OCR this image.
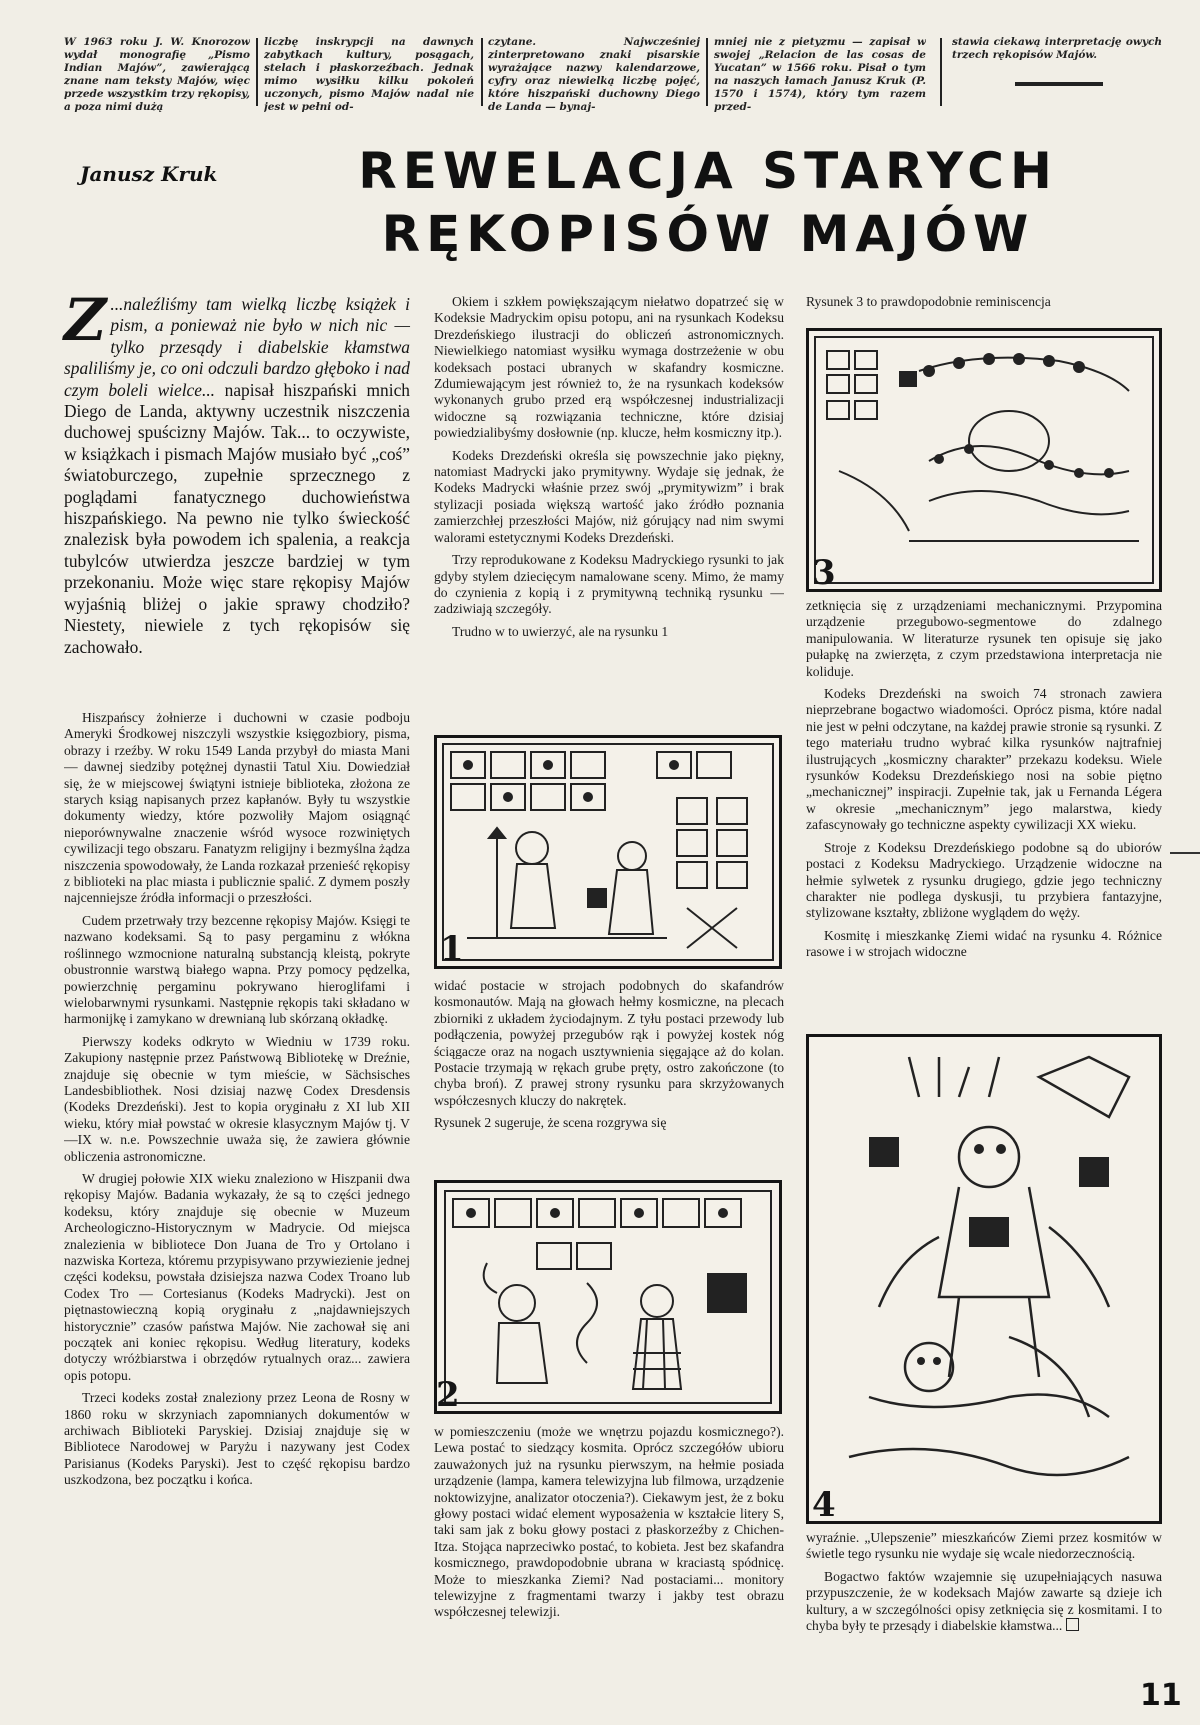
W 1963 roku J. W. Knorozow wydał monografię „Pismo Indian Majów”, zawierającą znane nam teksty Majów, więc przede wszystkim trzy rękopisy, a poza nimi dużą
liczbę inskrypcji na dawnych zabytkach kultury, posągach, stelach i płaskorzeźbach. Jednak mimo wysiłku kilku pokoleń uczonych, pismo Majów nadal nie jest w pełni od-
czytane. Najwcześniej zinterpretowano znaki pisarskie wyrażające nazwy kalendarzowe, cyfry oraz niewielką liczbę pojęć, które hiszpański duchowny Diego de Landa — bynaj-
mniej nie z pietyzmu — zapisał w swojej „Relacion de las cosas de Yucatan” w 1566 roku. Pisał o tym na naszych łamach Janusz Kruk (P. 1570 i 1574), który tym razem przed-
stawia ciekawą interpretację owych trzech rękopisów Majów.
Janusz Kruk	REWELACJA STARYCH
RĘKOPISÓW MAJÓW
Z ...naleźliśmy tam wielką liczbę książek i pism, a ponieważ nie było w nich nic — tylko przesądy i diabelskie kłamstwa spaliliśmy je, co oni odczuli bardzo głęboko i nad czym boleli wielce... napisał hiszpański mnich Diego de Landa, aktywny uczestnik niszczenia duchowej spuścizny Majów. Tak... to oczywiste, w książkach i pismach Majów musiało być „coś” światoburczego, zupełnie sprzecznego z poglądami fanatycznego duchowieństwa hiszpańskiego. Na pewno nie tylko świeckość znalezisk była powodem ich spalenia, a reakcja tubylców utwierdza jeszcze bardziej w tym przekonaniu. Może więc stare rękopisy Majów wyjaśnią bliżej o jakie sprawy chodziło? Niestety, niewiele z tych rękopisów się zachowało.

Hiszpańscy żołnierze i duchowni w czasie podboju Ameryki Środkowej niszczyli wszystkie księgozbiory, pisma, obrazy i rzeźby. W roku 1549 Landa przybył do miasta Mani — dawnej siedziby potężnej dynastii Tatul Xiu. Dowiedział się, że w miejscowej świątyni istnieje biblioteka, złożona ze starych ksiąg napisanych przez kapłanów. Były tu wszystkie dokumenty wiedzy, które pozwoliły Majom osiągnąć nieporównywalne znaczenie wśród wysoce rozwiniętych cywilizacji tego obszaru. Fanatyzm religijny i bezmyślna żądza niszczenia spowodowały, że Landa rozkazał przenieść rękopisy z biblioteki na plac miasta i publicznie spalić. Z dymem poszły najcenniejsze źródła informacji o przeszłości.

Cudem przetrwały trzy bezcenne rękopisy Majów. Księgi te nazwano kodeksami. Są to pasy pergaminu z włókna roślinnego wzmocnione naturalną substancją kleistą, pokryte obustronnie warstwą białego wapna. Przy pomocy pędzelka, powierzchnię pergaminu pokrywano hieroglifami i wielobarwnymi rysunkami. Następnie rękopis taki składano w harmonijkę i zamykano w drewnianą lub skórzaną okładkę.

Pierwszy kodeks odkryto w Wiedniu w 1739 roku. Zakupiony następnie przez Państwową Bibliotekę w Dreźnie, znajduje się obecnie w tym mieście, w Sächsisches Landesbibliothek. Nosi dzisiaj nazwę Codex Dresdensis (Kodeks Drezdeński). Jest to kopia oryginału z XI lub XII wieku, który miał powstać w okresie klasycznym Majów tj. V—IX w. n.e. Powszechnie uważa się, że zawiera głównie obliczenia astronomiczne.

W drugiej połowie XIX wieku znaleziono w Hiszpanii dwa rękopisy Majów. Badania wykazały, że są to części jednego kodeksu, który znajduje się obecnie w Muzeum Archeologiczno-Historycznym w Madrycie. Od miejsca znalezienia w bibliotece Don Juana de Tro y Ortolano i nazwiska Korteza, któremu przypisywano przywiezienie jednej części kodeksu, powstała dzisiejsza nazwa Codex Troano lub Codex Tro — Cortesianus (Kodeks Madrycki). Jest on piętnastowieczną kopią oryginału z „najdawniejszych historycznie” czasów państwa Majów. Nie zachował się ani początek ani koniec rękopisu. Według literatury, kodeks dotyczy wróżbiarstwa i obrzędów rytualnych oraz... zawiera opis potopu.

Trzeci kodeks został znaleziony przez Leona de Rosny w 1860 roku w skrzyniach zapomnianych dokumentów w archiwach Biblioteki Paryskiej. Dzisiaj znajduje się w Bibliotece Narodowej w Paryżu i nazywany jest Codex Parisianus (Kodeks Paryski). Jest to część rękopisu bardzo uszkodzona, bez początku i końca.

Okiem i szkłem powiększającym niełatwo dopatrzeć się w Kodeksie Madryckim opisu potopu, ani na rysunkach Kodeksu Drezdeńskiego ilustracji do obliczeń astronomicznych. Niewielkiego natomiast wysiłku wymaga dostrzeżenie w obu kodeksach postaci ubranych w skafandry kosmiczne. Zdumiewającym jest również to, że na rysunkach kodeksów wykonanych grubo przed erą współczesnej industrializacji widoczne są rozwiązania techniczne, które dzisiaj powiedzialibyśmy dosłownie (np. klucze, hełm kosmiczny itp.).

Kodeks Drezdeński określa się powszechnie jako piękny, natomiast Madrycki jako prymitywny. Wydaje się jednak, że Kodeks Madrycki właśnie przez swój „prymitywizm” i brak stylizacji posiada większą wartość jako źródło poznania zamierzchłej przeszłości Majów, niż górujący nad nim swymi walorami estetycznymi Kodeks Drezdeński.

Trzy reprodukowane z Kodeksu Madryckiego rysunki to jak gdyby stylem dziecięcym namalowane sceny. Mimo, że mamy do czynienia z kopią i z prymitywną techniką rysunku — zadziwiają szczegóły.

Trudno w to uwierzyć, ale na rysunku 1

1

widać postacie w strojach podobnych do skafandrów kosmonautów. Mają na głowach hełmy kosmiczne, na plecach zbiorniki z układem życiodajnym. Z tyłu postaci przewody lub podłączenia, powyżej przegubów rąk i powyżej kostek nóg ściągacze oraz na nogach usztywnienia sięgające aż do kolan. Postacie trzymają w rękach grube pręty, ostro zakończone (to chyba broń). Z prawej strony rysunku para skrzyżowanych współczesnych kluczy do nakrętek.

Rysunek 2 sugeruje, że scena rozgrywa się

2

w pomieszczeniu (może we wnętrzu pojazdu kosmicznego?). Lewa postać to siedzący kosmita. Oprócz szczegółów ubioru zauważonych już na rysunku pierwszym, na hełmie posiada urządzenie (lampa, kamera telewizyjna lub filmowa, urządzenie noktowizyjne, analizator otoczenia?). Ciekawym jest, że z boku głowy postaci widać element wyposażenia w kształcie litery S, taki sam jak z boku głowy postaci z płaskorzeźby z Chichen-Itza. Stojąca naprzeciwko postać, to kobieta. Jest bez skafandra kosmicznego, prawdopodobnie ubrana w kraciastą spódnicę. Może to mieszkanka Ziemi? Nad postaciami... monitory telewizyjne z fragmentami twarzy i jakby test obrazu współczesnej telewizji.

Rysunek 3 to prawdopodobnie reminiscencja

3

zetknięcia się z urządzeniami mechanicznymi. Przypomina urządzenie przegubowo-segmentowe do zdalnego manipulowania. W literaturze rysunek ten opisuje się jako pułapkę na zwierzęta, z czym przedstawiona interpretacja nie koliduje.

Kodeks Drezdeński na swoich 74 stronach zawiera nieprzebrane bogactwo wiadomości. Oprócz pisma, które nadal nie jest w pełni odczytane, na każdej prawie stronie są rysunki. Z tego materiału trudno wybrać kilka rysunków najtrafniej ilustrujących „kosmiczny charakter” przekazu kodeksu. Wiele rysunków Kodeksu Drezdeńskiego nosi na sobie piętno „mechanicznej” inspiracji. Zupełnie tak, jak u Fernanda Légera w okresie „mechanicznym” jego malarstwa, kiedy zafascynowały go techniczne aspekty cywilizacji XX wieku.

Stroje z Kodeksu Drezdeńskiego podobne są do ubiorów postaci z Kodeksu Madryckiego. Urządzenie widoczne na hełmie sylwetek z rysunku drugiego, gdzie jego techniczny charakter nie podlega dyskusji, tu przybiera fantazyjne, stylizowane kształty, zbliżone wyglądem do węży.

Kosmitę i mieszkankę Ziemi widać na rysunku 4. Różnice rasowe i w strojach widoczne

4

wyraźnie. „Ulepszenie” mieszkańców Ziemi przez kosmitów w świetle tego rysunku nie wydaje się wcale niedorzecznością.

Bogactwo faktów wzajemnie się uzupełniających nasuwa przypuszczenie, że w kodeksach Majów zawarte są dzieje ich kultury, a w szczególności opisy zetknięcia się z kosmitami. I to chyba były te przesądy i diabelskie kłamstwa...

11
